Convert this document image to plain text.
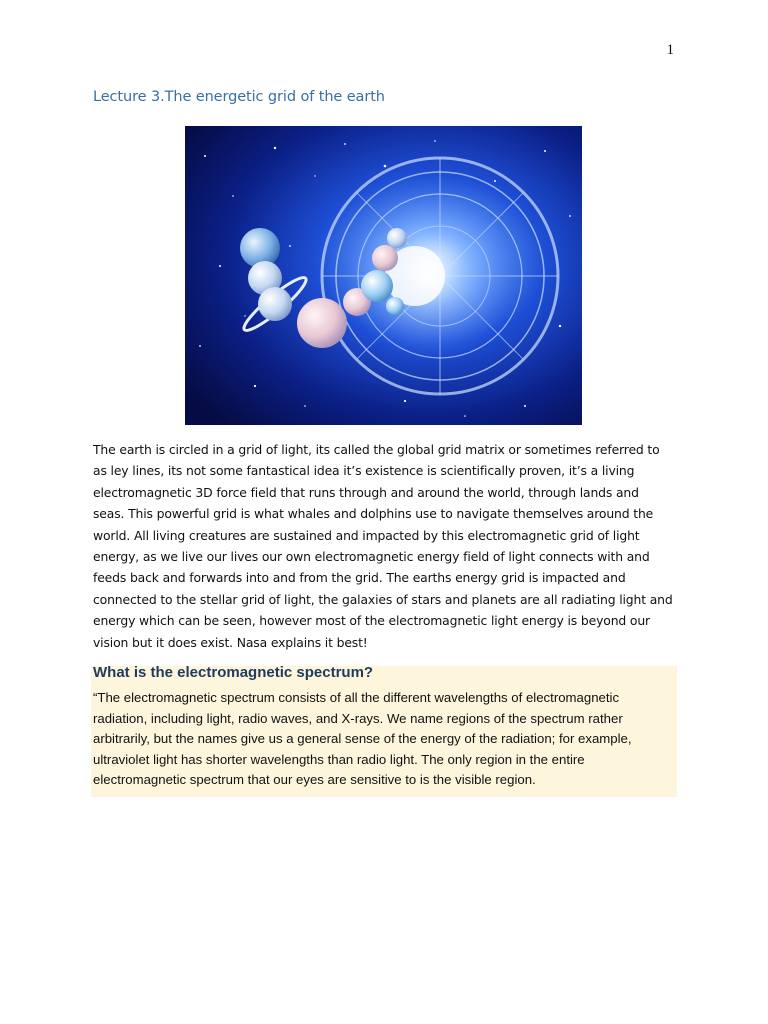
1
Lecture 3.The energetic grid of the earth

The earth is circled in a grid of light, its called the global grid matrix or sometimes referred to as ley lines, its not some fantastical idea it’s existence is scientifically proven, it’s a living electromagnetic 3D force field that runs through and around the world, through lands and seas. This powerful grid is what whales and dolphins use to navigate themselves around the world. All living creatures are sustained and impacted by this electromagnetic grid of light energy, as we live our lives our own electromagnetic energy field of light connects with and feeds back and forwards into and from the grid. The earths energy grid is impacted and connected to the stellar grid of light, the galaxies of stars and planets are all radiating light and energy which can be seen, however most of the electromagnetic light energy is beyond our vision but it does exist. Nasa explains it best!

What is the electromagnetic spectrum?

“The electromagnetic spectrum consists of all the different wavelengths of electromagnetic radiation, including light, radio waves, and X-rays. We name regions of the spectrum rather arbitrarily, but the names give us a general sense of the energy of the radiation; for example, ultraviolet light has shorter wavelengths than radio light. The only region in the entire electromagnetic spectrum that our eyes are sensitive to is the visible region.
